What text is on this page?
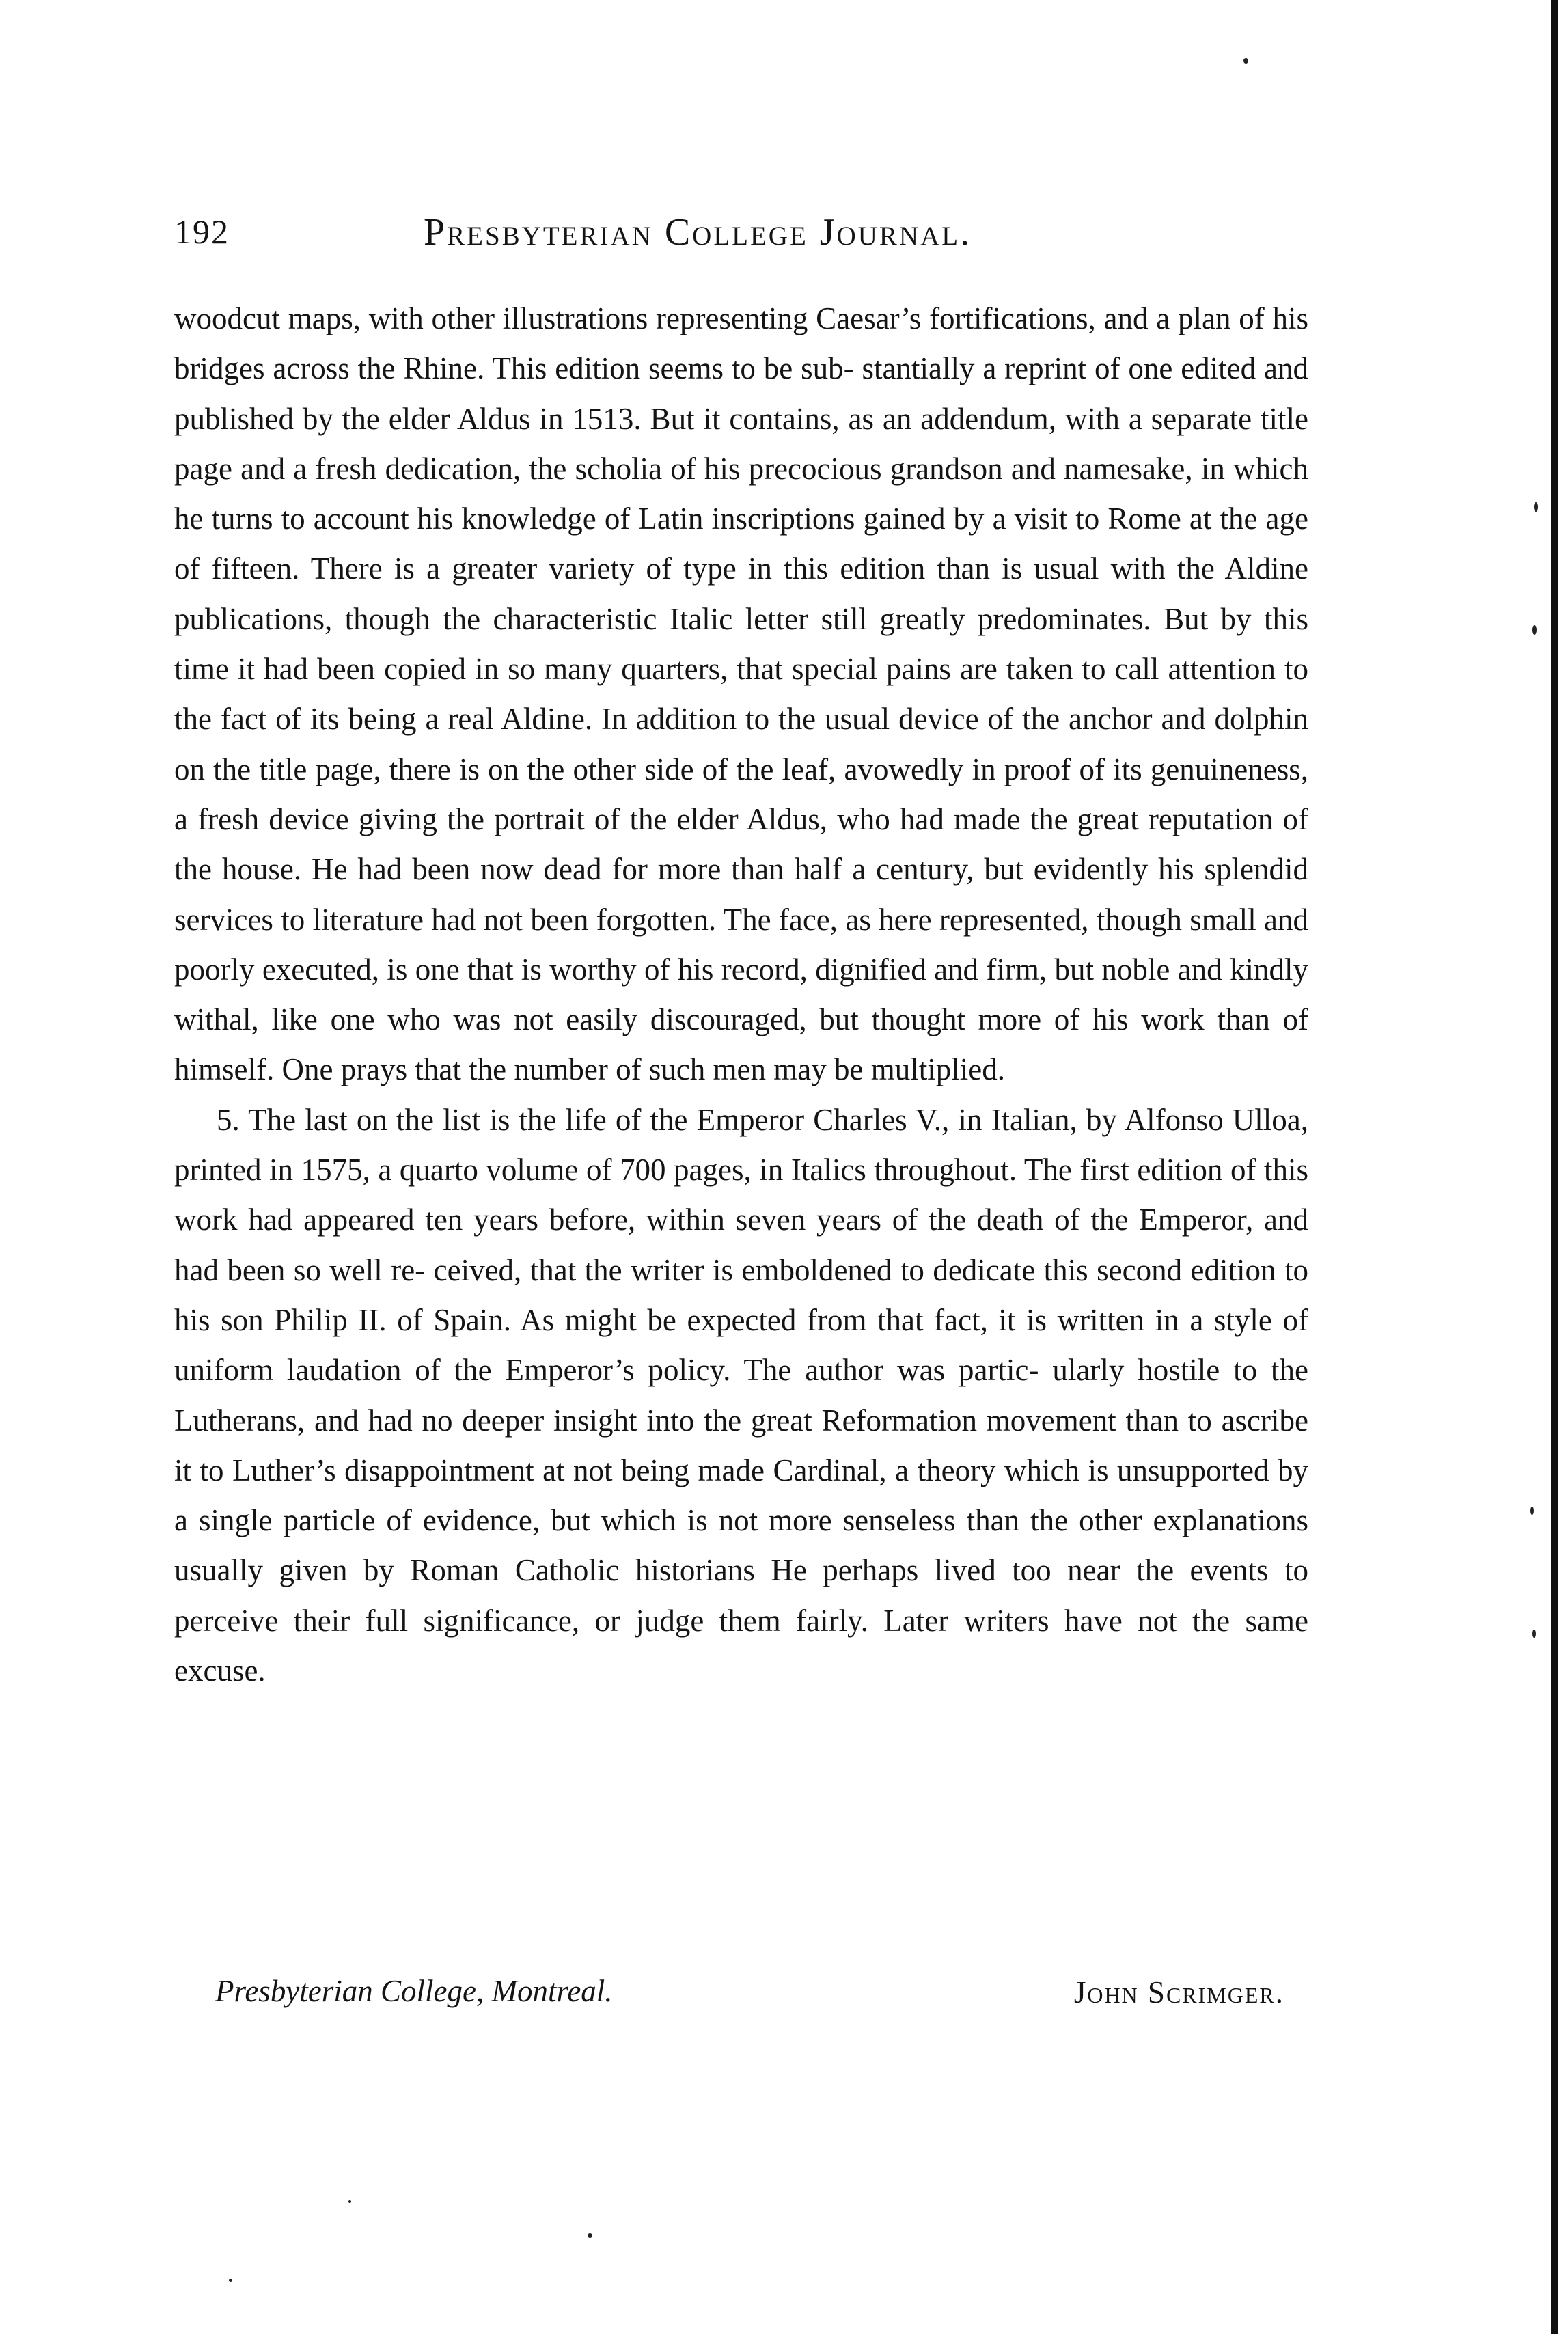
192	Presbyterian College Journal.

woodcut maps, with other illustrations representing Caesar’s fortifications, and a plan of his bridges across the Rhine. This edition seems to be sub- stantially a reprint of one edited and published by the elder Aldus in 1513. But it contains, as an addendum, with a separate title page and a fresh dedication, the scholia of his precocious grandson and namesake, in which he turns to account his knowledge of Latin inscriptions gained by a visit to Rome at the age of fifteen. There is a greater variety of type in this edition than is usual with the Aldine publications, though the characteristic Italic letter still greatly predominates. But by this time it had been copied in so many quarters, that special pains are taken to call attention to the fact of its being a real Aldine. In addition to the usual device of the anchor and dolphin on the title page, there is on the other side of the leaf, avowedly in proof of its genuineness, a fresh device giving the portrait of the elder Aldus, who had made the great reputation of the house. He had been now dead for more than half a century, but evidently his splendid services to literature had not been forgotten. The face, as here represented, though small and poorly executed, is one that is worthy of his record, dignified and firm, but noble and kindly withal, like one who was not easily discouraged, but thought more of his work than of himself. One prays that the number of such men may be multiplied.

5. The last on the list is the life of the Emperor Charles V., in Italian, by Alfonso Ulloa, printed in 1575, a quarto volume of 700 pages, in Italics throughout. The first edition of this work had appeared ten years before, within seven years of the death of the Emperor, and had been so well re- ceived, that the writer is emboldened to dedicate this second edition to his son Philip II. of Spain. As might be expected from that fact, it is written in a style of uniform laudation of the Emperor’s policy. The author was partic- ularly hostile to the Lutherans, and had no deeper insight into the great Reformation movement than to ascribe it to Luther’s disappointment at not being made Cardinal, a theory which is unsupported by a single particle of evidence, but which is not more senseless than the other explanations usually given by Roman Catholic historians He perhaps lived too near the events to perceive their full significance, or judge them fairly. Later writers have not the same excuse.

Presbyterian College, Montreal.	John Scrimger.
